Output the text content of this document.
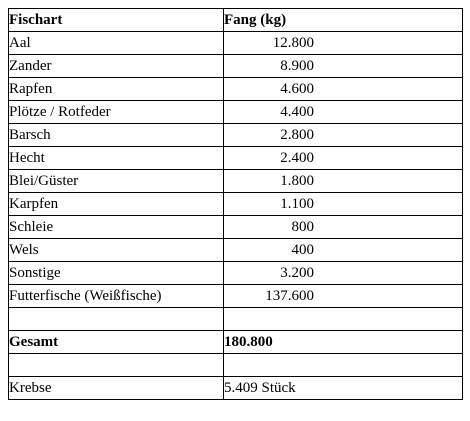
Fischart	Fang (kg)
Aal	12.800

Zander	8.900

Rapfen	4.600

Plötze / Rotfeder	4.400

Barsch	2.800

Hecht	2.400

Blei/Güster	1.800

Karpfen	1.100

Schleie	800

Wels	400

Sonstige	3.200

Futterfische (Weißfische)	137.600

Gesamt	180.800

Krebse	5.409 Stück
